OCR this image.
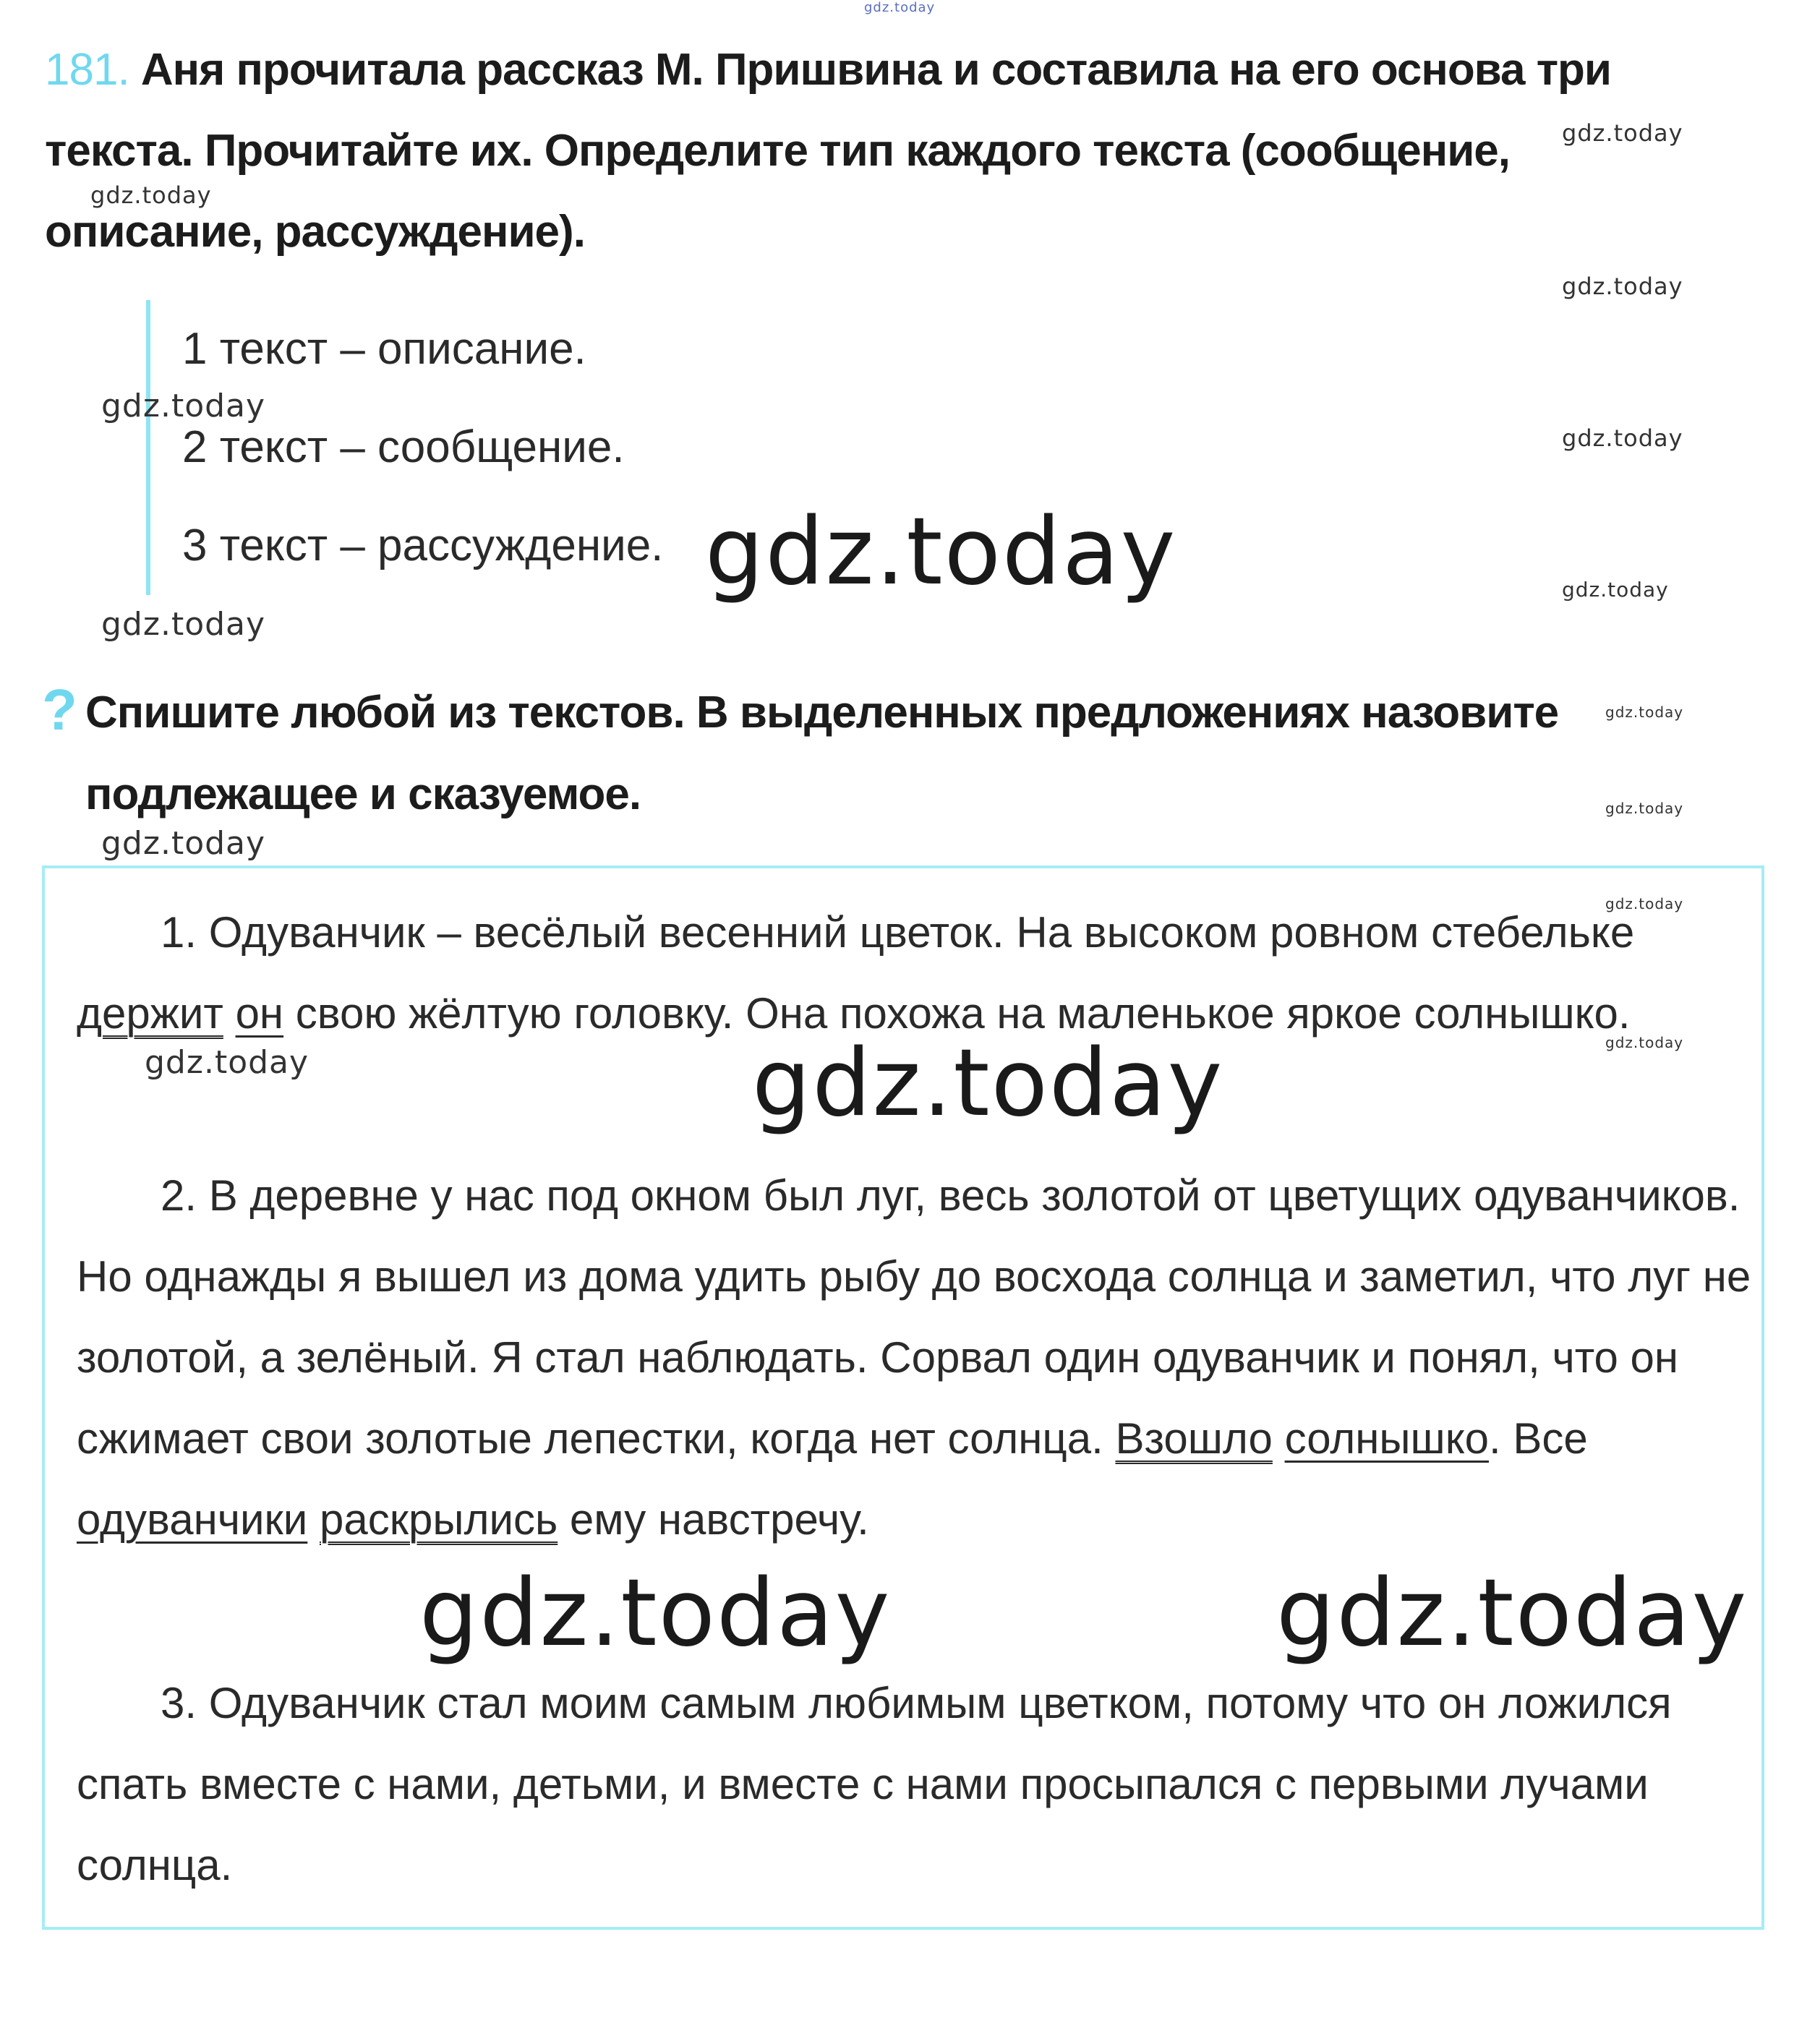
181. Аня прочитала рассказ М. Пришвина и составила на его основа три
текста. Прочитайте их. Определите тип каждого текста (сообщение,
описание, рассуждение).
1 текст – описание.
2 текст – сообщение.
3 текст – рассуждение.
? Спишите любой из текстов. В выделенных предложениях назовите
подлежащее и сказуемое.

1. Одуванчик – весёлый весенний цветок. На высоком ровном стебельке держит он свою жёлтую головку. Она похожа на маленькое яркое солнышко.

2. В деревне у нас под окном был луг, весь золотой от цветущих одуванчиков. Но однажды я вышел из дома удить рыбу до восхода солнца и заметил, что луг не золотой, а зелёный. Я стал наблюдать. Сорвал один одуванчик и понял, что он сжимает свои золотые лепестки, когда нет солнца. Взошло солнышко. Все одуванчики раскрылись ему навстречу.

3. Одуванчик стал моим самым любимым цветком, потому что он ложился спать вместе с нами, детьми, и вместе с нами просыпался с первыми лучами солнца.

gdz.today
gdz.today
gdz.today
gdz.today
gdz.today
gdz.today
gdz.today	gdz.today
gdz.today
gdz.today
gdz.today
gdz.today
gdz.today
gdz.today
gdz.today	gdz.today
gdz.today	gdz.today
